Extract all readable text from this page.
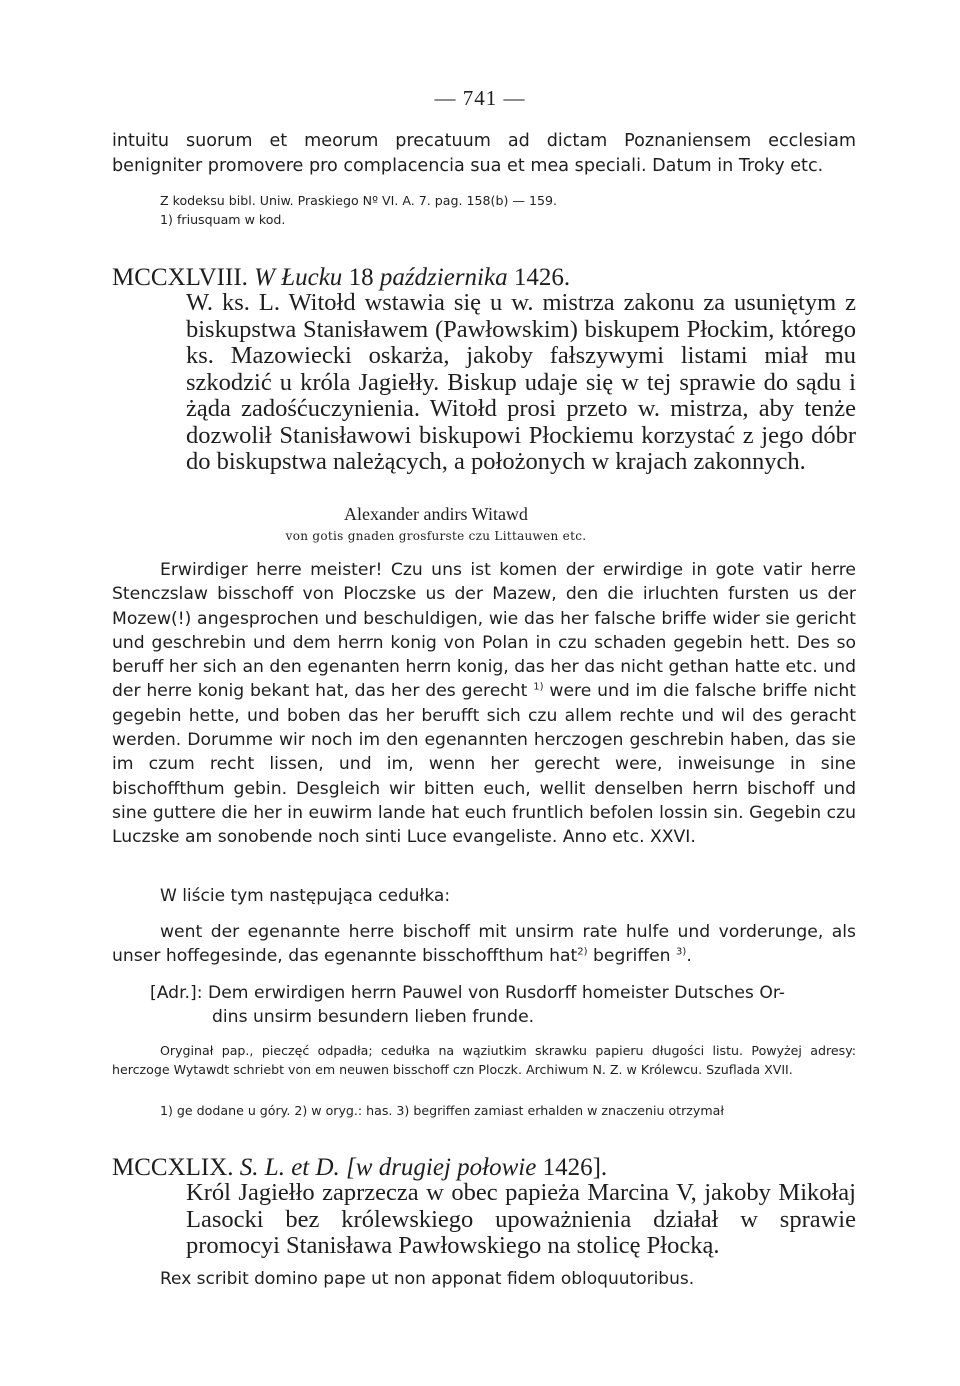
— 741 —

intuitu suorum et meorum precatuum ad dictam Poznaniensem ecclesiam benigniter promovere pro complacencia sua et mea speciali. Datum in Troky etc.

Z kodeksu bibl. Uniw. Praskiego Nº VI. A. 7. pag. 158(b) — 159.
1) friusquam w kod.
MCCXLVIII. W Łucku 18 października 1426.
W. ks. L. Witołd wstawia się u w. mistrza zakonu za usuniętym z biskupstwa Stanisławem (Pawłowskim) biskupem Płockim, którego ks. Mazowiecki oskarża, jakoby fałszywymi listami miał mu szkodzić u króla Jagiełły. Biskup udaje się w tej sprawie do sądu i żąda zadośćuczynienia. Witołd prosi przeto w. mistrza, aby tenże dozwolił Stanisławowi biskupowi Płockiemu korzystać z jego dóbr do biskupstwa należących, a położonych w krajach zakonnych.
Alexander andirs Witawd
von gotis gnaden grosfurste czu Littauwen etc.
Erwirdiger herre meister! Czu uns ist komen der erwirdige in gote vatir herre Stenczslaw bisschoff von Ploczske us der Mazew, den die irluchten fursten us der Mozew(!) angesprochen und beschuldigen, wie das her falsche briffe wider sie gericht und geschrebin und dem herrn konig von Polan in czu schaden gegebin hett. Des so beruff her sich an den egenanten herrn konig, das her das nicht gethan hatte etc. und der herre konig bekant hat, das her des gerecht $^{1)}$ were und im die falsche briffe nicht gegebin hette, und boben das her berufft sich czu allem rechte und wil des geracht werden. Dorumme wir noch im den egenannten herczogen geschrebin haben, das sie im czum recht lissen, und im, wenn her gerecht were, inweisunge in sine bischoffthum gebin. Desgleich wir bitten euch, wellit denselben herrn bischoff und sine guttere die her in euwirm lande hat euch fruntlich befolen lossin sin. Gegebin czu Luczske am sonobende noch sinti Luce evangeliste. Anno etc. XXVI.
W liście tym następująca cedułka:
went der egenannte herre bischoff mit unsirm rate hulfe und vorderunge, als unser hoffegesinde, das egenannte bisschoffthum hat$^{2)}$ begriffen $^{3)}$.
[Adr.]: Dem erwirdigen herrn Pauwel von Rusdorff homeister Dutsches Or-
dins unsirm besundern lieben frunde.
Oryginał pap., pieczęć odpadła; cedułka na wąziutkim skrawku papieru długości listu. Powyżej adresy: herczoge Wytawdt schriebt von em neuwen bisschoff czn Ploczk. Archiwum N. Z. w Królewcu. Szuflada XVII.
1) ge dodane u góry. 2) w oryg.: has. 3) begriffen zamiast erhalden w znaczeniu otrzymał
MCCXLIX. S. L. et D. [w drugiej połowie 1426].
Król Jagiełło zaprzecza w obec papieża Marcina V, jakoby Mikołaj Lasocki bez królewskiego upoważnienia działał w sprawie promocyi Stanisława Pawłowskiego na stolicę Płocką.
Rex scribit domino pape ut non apponat fidem obloquutoribus.
